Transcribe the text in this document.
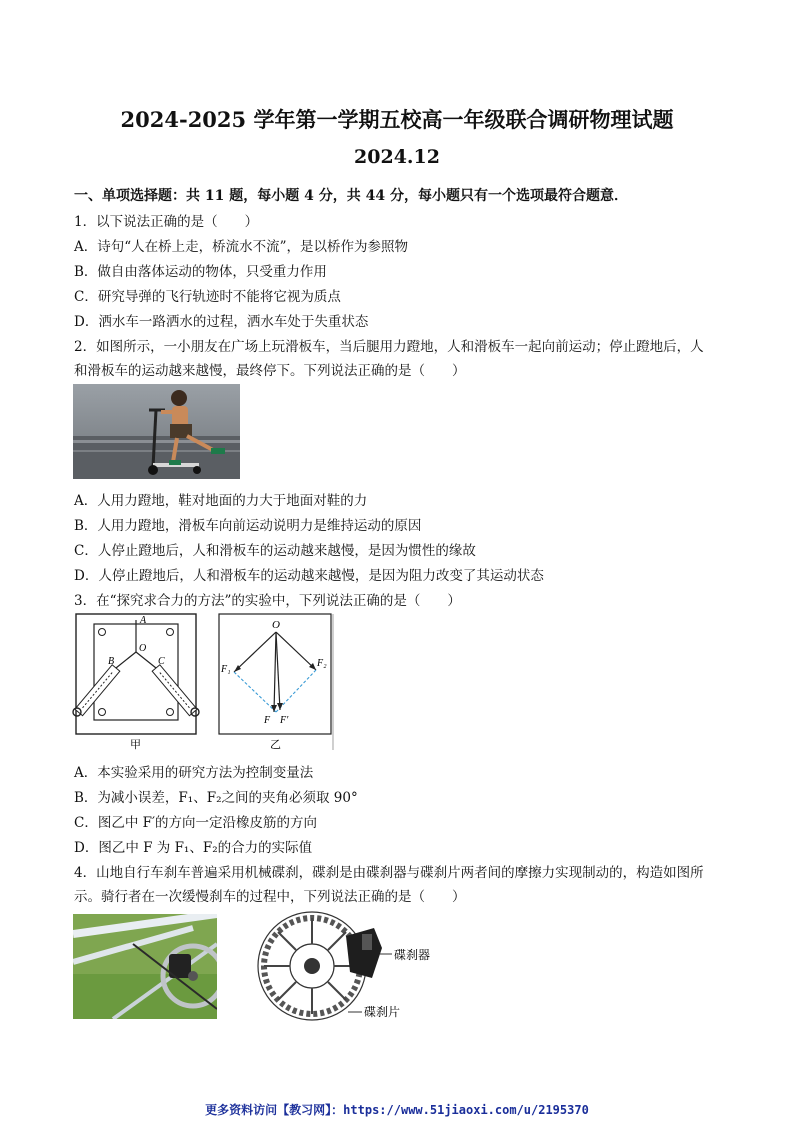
2024-2025 学年第一学期五校高一年级联合调研物理试题
2024.12
一、单项选择题：共 11 题，每小题 4 分，共 44 分，每小题只有一个选项最符合题意．
1．以下说法正确的是（　　）
A．诗句“人在桥上走，桥流水不流”，是以桥作为参照物
B．做自由落体运动的物体，只受重力作用
C．研究导弹的飞行轨迹时不能将它视为质点
D．洒水车一路洒水的过程，洒水车处于失重状态
2．如图所示，一小朋友在广场上玩滑板车，当后腿用力蹬地，人和滑板车一起向前运动；停止蹬地后，人
和滑板车的运动越来越慢，最终停下。下列说法正确的是（　　）
A．人用力蹬地，鞋对地面的力大于地面对鞋的力
B．人用力蹬地，滑板车向前运动说明力是维持运动的原因
C．人停止蹬地后，人和滑板车的运动越来越慢，是因为惯性的缘故
D．人停止蹬地后，人和滑板车的运动越来越慢，是因为阻力改变了其运动状态
3．在“探究求合力的方法”的实验中，下列说法正确的是（　　）
A
B
O
C
甲
O
F₁
F₂
F F′
乙
A．本实验采用的研究方法为控制变量法
B．为减小误差，F₁、F₂之间的夹角必须取 90°
C．图乙中 F′的方向一定沿橡皮筋的方向
D．图乙中 F 为 F₁、F₂的合力的实际值
4．山地自行车刹车普遍采用机械碟刹，碟刹是由碟刹器与碟刹片两者间的摩擦力实现制动的，构造如图所
示。骑行者在一次缓慢刹车的过程中，下列说法正确的是（　　）
碟刹器
碟刹片
更多资料访问【教习网】：https://www.51jiaoxi.com/u/2195370
